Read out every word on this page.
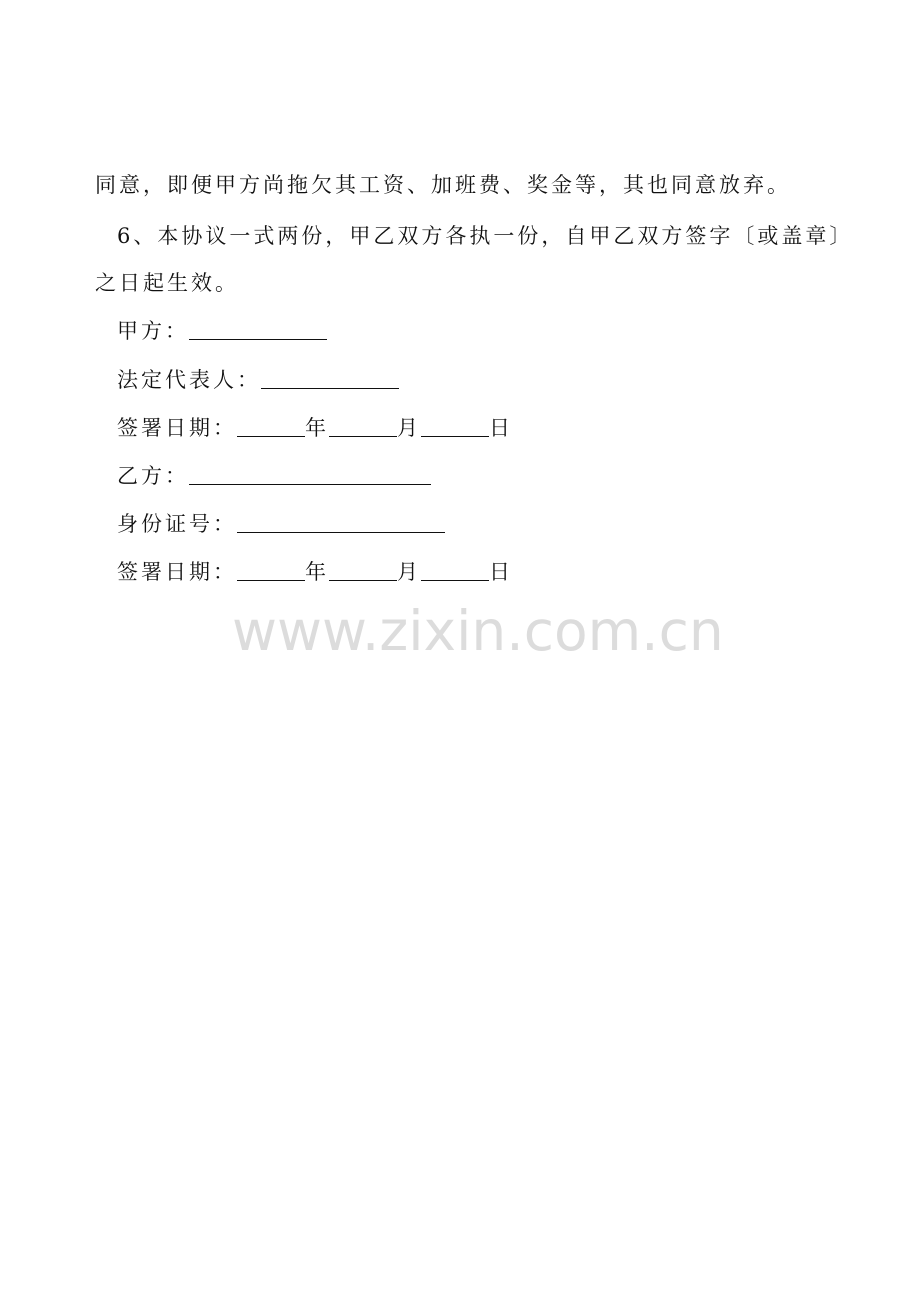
同意，即便甲方尚拖欠其工资、加班费、奖金等，其也同意放弃。
6、本协议一式两份，甲乙双方各执一份，自甲乙双方签字〔或盖章〕
之日起生效。
甲方：
法定代表人：
签署日期：	年	月	日
乙方：
身份证号：
签署日期：	年	月	日
www.zixin.com.cn
